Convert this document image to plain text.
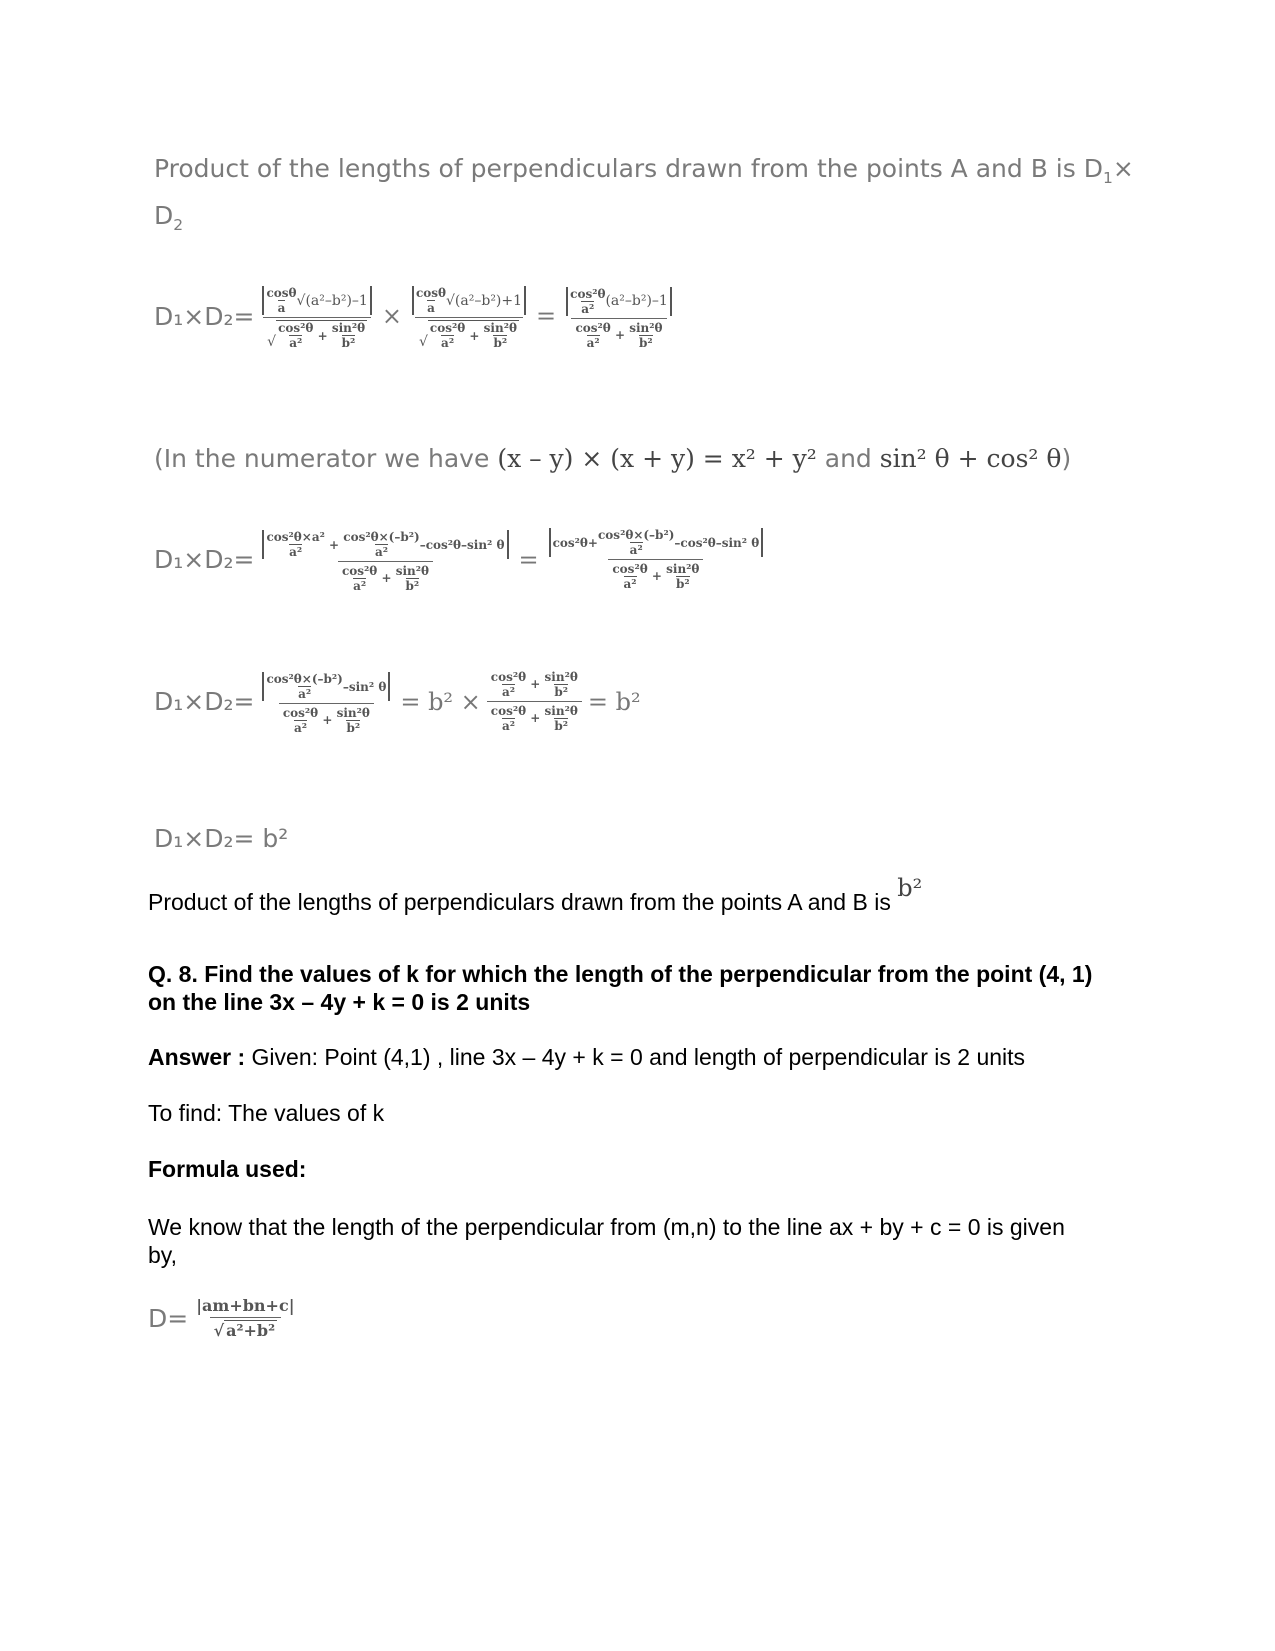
Product of the lengths of perpendiculars drawn from the points A and B is $D_1\times$
$D_2$
D₁×D₂= cosθ
a √(a²–b²)–1
√
cos²θ
a²
+
sin²θ
b² × cosθ
a √(a²–b²)+1
√
cos²θ
a²
+
sin²θ
b² = cos²θ
a² (a²–b²)–1
$\frac{\text{cos²θ}}{\text{a²}} + \frac{\text{sin²θ}}{\text{b²}}$
(In the numerator we have (x – y) × (x + y) = x² + y² and sin² θ + cos² θ)
D₁×D₂= cos²θ×a²
a²
+
cos²θ×(–b²)
a²
–cos²θ–sin² θ
$\frac{\text{cos²θ}}{\text{a²}} + \frac{\text{sin²θ}}{\text{b²}} = \frac{\cos^2\theta+ \frac{\text{cos²θ×(–b²)}}{\text{a²}} -\cos^2\theta-\sin^2 \theta}{\frac{\text{cos²θ}}{\text{a²}} + \frac{\text{sin²θ}}{\text{b²}}}$
D₁×D₂= cos²θ×(–b²)
a²
–sin² θ
$\frac{\text{cos²θ}}{\text{a²}} + \frac{\text{sin²θ}}{\text{b²}} = b^2 \times \frac{\frac{\text{cos²θ}}{\text{a²}} + \frac{\text{sin²θ}}{\text{b²}}}{\frac{\text{cos²θ}}{\text{a²}} + \frac{\text{sin²θ}}{\text{b²}}} = b^2$
D₁×D₂= b²
Product of the lengths of perpendiculars drawn from the points A and B is b²
Q. 8. Find the values of k for which the length of the perpendicular from the point (4, 1) on the line 3x – 4y + k = 0 is 2 units
Answer : Given: Point (4,1) , line 3x – 4y + k = 0 and length of perpendicular is 2 units
To find: The values of k
Formula used:
We know that the length of the perpendicular from (m,n) to the line ax + by + c = 0 is given by,
$D= \frac{|am+bn+c|}{\text{√ a²+b²}}$
